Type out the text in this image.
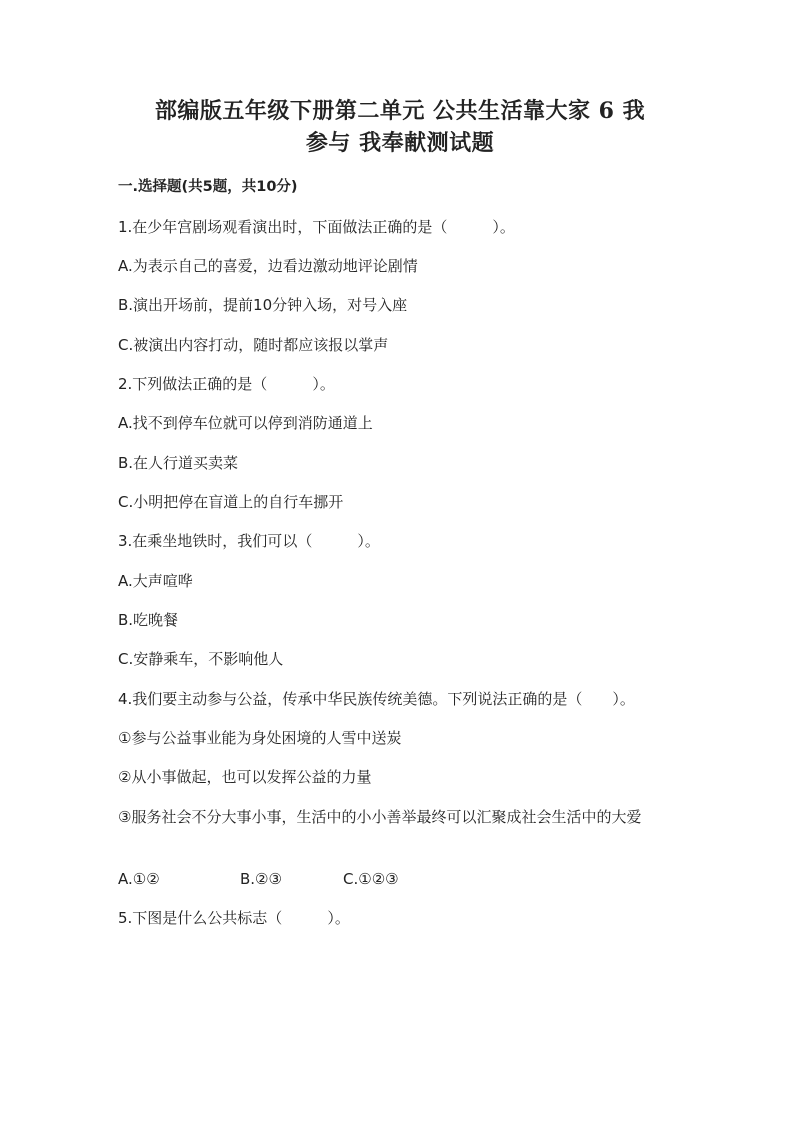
部编版五年级下册第二单元 公共生活靠大家 6 我
参与 我奉献测试题
一.选择题(共5题，共10分)
1.在少年宫剧场观看演出时，下面做法正确的是（　　　）。
A.为表示自己的喜爱，边看边激动地评论剧情
B.演出开场前，提前10分钟入场，对号入座
C.被演出内容打动，随时都应该报以掌声
2.下列做法正确的是（　　　）。
A.找不到停车位就可以停到消防通道上
B.在人行道买卖菜
C.小明把停在盲道上的自行车挪开
3.在乘坐地铁时，我们可以（　　　）。
A.大声喧哗
B.吃晚餐
C.安静乘车，不影响他人
4.我们要主动参与公益，传承中华民族传统美德。下列说法正确的是（　　）。
①参与公益事业能为身处困境的人雪中送炭
②从小事做起，也可以发挥公益的力量
③服务社会不分大事小事，生活中的小小善举最终可以汇聚成社会生活中的大爱
A.①②	B.②③	C.①②③
5.下图是什么公共标志（　　　）。
